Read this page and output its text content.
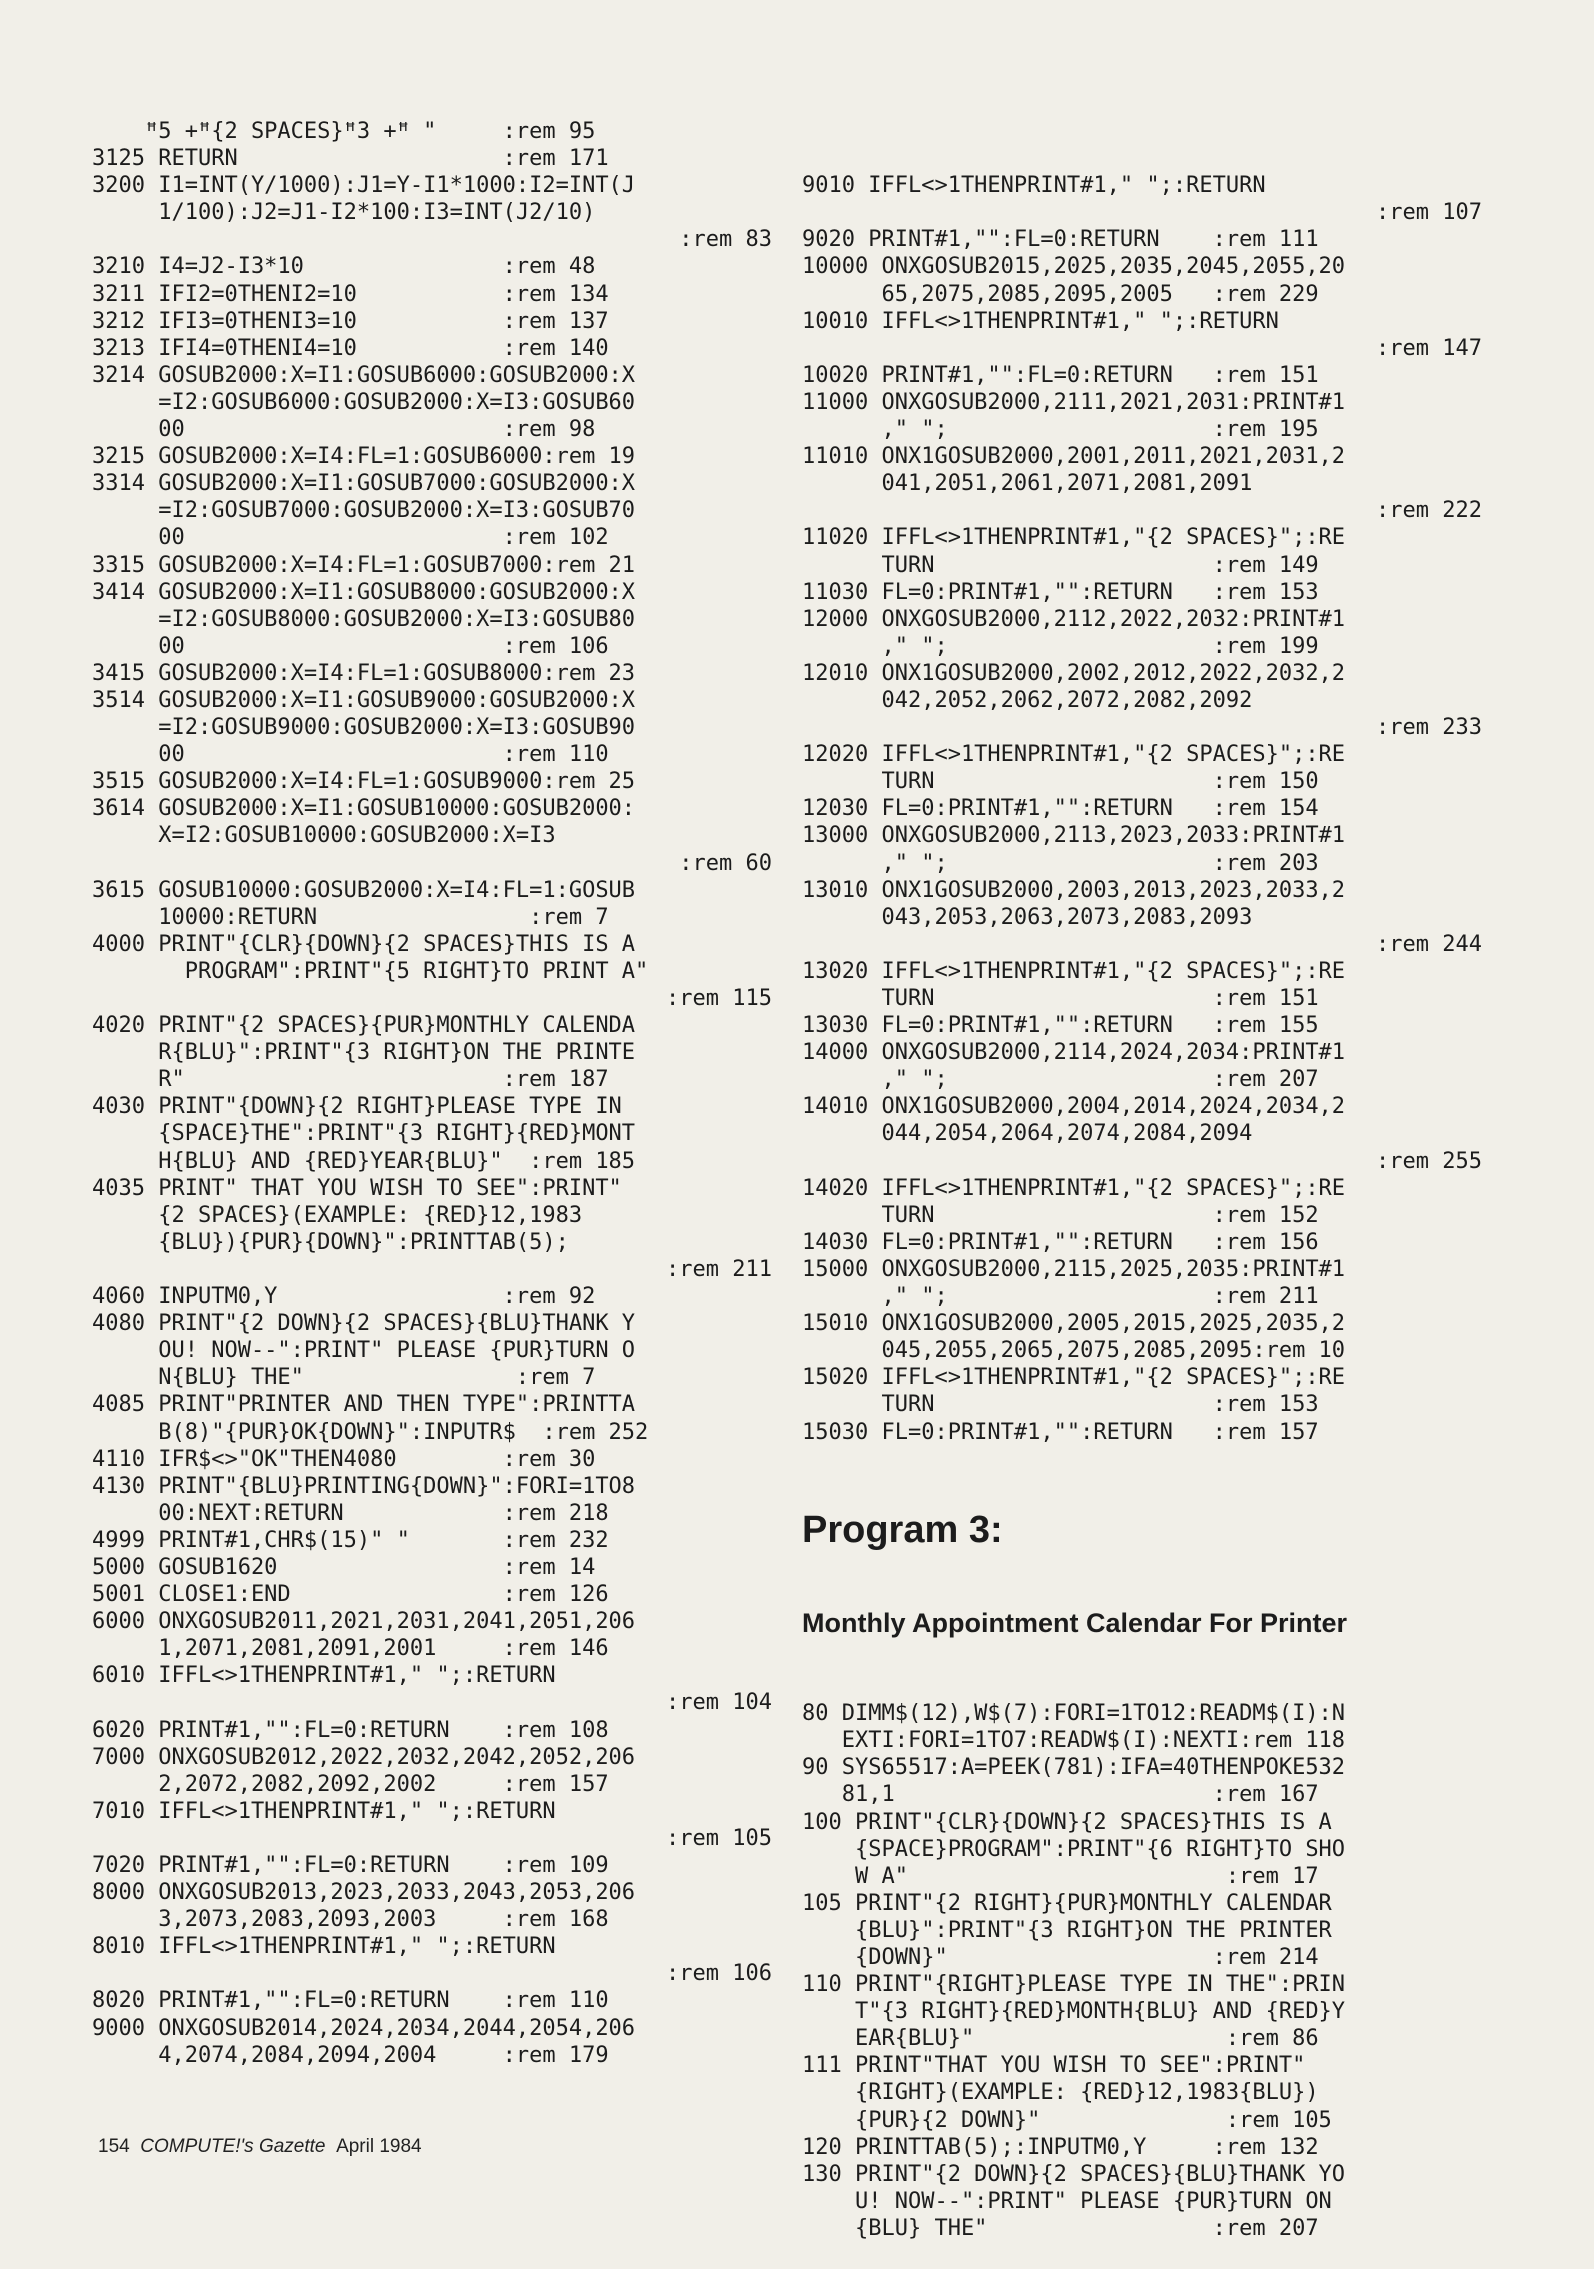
ꟸ5 +ꟸ{2 SPACES}ꟸ3 +ꟸ "     :rem 95
3125 RETURN                    :rem 171
3200 I1=INT(Y/1000):J1=Y-I1*1000:I2=INT(J
1/100):J2=J1-I2*100:I3=INT(J2/10)
:rem 83
3210 I4=J2-I3*10               :rem 48
3211 IFI2=0THENI2=10           :rem 134
3212 IFI3=0THENI3=10           :rem 137
3213 IFI4=0THENI4=10           :rem 140
3214 GOSUB2000:X=I1:GOSUB6000:GOSUB2000:X
=I2:GOSUB6000:GOSUB2000:X=I3:GOSUB60
00                        :rem 98
3215 GOSUB2000:X=I4:FL=1:GOSUB6000:rem 19
3314 GOSUB2000:X=I1:GOSUB7000:GOSUB2000:X
=I2:GOSUB7000:GOSUB2000:X=I3:GOSUB70
00                        :rem 102
3315 GOSUB2000:X=I4:FL=1:GOSUB7000:rem 21
3414 GOSUB2000:X=I1:GOSUB8000:GOSUB2000:X
=I2:GOSUB8000:GOSUB2000:X=I3:GOSUB80
00                        :rem 106
3415 GOSUB2000:X=I4:FL=1:GOSUB8000:rem 23
3514 GOSUB2000:X=I1:GOSUB9000:GOSUB2000:X
=I2:GOSUB9000:GOSUB2000:X=I3:GOSUB90
00                        :rem 110
3515 GOSUB2000:X=I4:FL=1:GOSUB9000:rem 25
3614 GOSUB2000:X=I1:GOSUB10000:GOSUB2000:
X=I2:GOSUB10000:GOSUB2000:X=I3
:rem 60
3615 GOSUB10000:GOSUB2000:X=I4:FL=1:GOSUB
10000:RETURN                :rem 7
4000 PRINT"{CLR}{DOWN}{2 SPACES}THIS IS A
PROGRAM":PRINT"{5 RIGHT}TO PRINT A"
:rem 115
4020 PRINT"{2 SPACES}{PUR}MONTHLY CALENDA
R{BLU}":PRINT"{3 RIGHT}ON THE PRINTE
R"                        :rem 187
4030 PRINT"{DOWN}{2 RIGHT}PLEASE TYPE IN
{SPACE}THE":PRINT"{3 RIGHT}{RED}MONT
H{BLU} AND {RED}YEAR{BLU}"  :rem 185
4035 PRINT" THAT YOU WISH TO SEE":PRINT"
{2 SPACES}(EXAMPLE: {RED}12,1983
{BLU}){PUR}{DOWN}":PRINTTAB(5);
:rem 211
4060 INPUTM0,Y                 :rem 92
4080 PRINT"{2 DOWN}{2 SPACES}{BLU}THANK Y
OU! NOW--":PRINT" PLEASE {PUR}TURN O
N{BLU} THE"                :rem 7
4085 PRINT"PRINTER AND THEN TYPE":PRINTTA
B(8)"{PUR}OK{DOWN}":INPUTR$  :rem 252
4110 IFR$<>"OK"THEN4080        :rem 30
4130 PRINT"{BLU}PRINTING{DOWN}":FORI=1TO8
00:NEXT:RETURN            :rem 218
4999 PRINT#1,CHR$(15)" "       :rem 232
5000 GOSUB1620                 :rem 14
5001 CLOSE1:END                :rem 126
6000 ONXGOSUB2011,2021,2031,2041,2051,206
1,2071,2081,2091,2001     :rem 146
6010 IFFL<>1THENPRINT#1," ";:RETURN
:rem 104
6020 PRINT#1,"":FL=0:RETURN    :rem 108
7000 ONXGOSUB2012,2022,2032,2042,2052,206
2,2072,2082,2092,2002     :rem 157
7010 IFFL<>1THENPRINT#1," ";:RETURN
:rem 105
7020 PRINT#1,"":FL=0:RETURN    :rem 109
8000 ONXGOSUB2013,2023,2033,2043,2053,206
3,2073,2083,2093,2003     :rem 168
8010 IFFL<>1THENPRINT#1," ";:RETURN
:rem 106
8020 PRINT#1,"":FL=0:RETURN    :rem 110
9000 ONXGOSUB2014,2024,2034,2044,2054,206
4,2074,2084,2094,2004     :rem 179

9010 IFFL<>1THENPRINT#1," ";:RETURN
:rem 107
9020 PRINT#1,"":FL=0:RETURN    :rem 111
10000 ONXGOSUB2015,2025,2035,2045,2055,20
65,2075,2085,2095,2005   :rem 229
10010 IFFL<>1THENPRINT#1," ";:RETURN
:rem 147
10020 PRINT#1,"":FL=0:RETURN   :rem 151
11000 ONXGOSUB2000,2111,2021,2031:PRINT#1
," ";                    :rem 195
11010 ONX1GOSUB2000,2001,2011,2021,2031,2
041,2051,2061,2071,2081,2091
:rem 222
11020 IFFL<>1THENPRINT#1,"{2 SPACES}";:RE
TURN                     :rem 149
11030 FL=0:PRINT#1,"":RETURN   :rem 153
12000 ONXGOSUB2000,2112,2022,2032:PRINT#1
," ";                    :rem 199
12010 ONX1GOSUB2000,2002,2012,2022,2032,2
042,2052,2062,2072,2082,2092
:rem 233
12020 IFFL<>1THENPRINT#1,"{2 SPACES}";:RE
TURN                     :rem 150
12030 FL=0:PRINT#1,"":RETURN   :rem 154
13000 ONXGOSUB2000,2113,2023,2033:PRINT#1
," ";                    :rem 203
13010 ONX1GOSUB2000,2003,2013,2023,2033,2
043,2053,2063,2073,2083,2093
:rem 244
13020 IFFL<>1THENPRINT#1,"{2 SPACES}";:RE
TURN                     :rem 151
13030 FL=0:PRINT#1,"":RETURN   :rem 155
14000 ONXGOSUB2000,2114,2024,2034:PRINT#1
," ";                    :rem 207
14010 ONX1GOSUB2000,2004,2014,2024,2034,2
044,2054,2064,2074,2084,2094
:rem 255
14020 IFFL<>1THENPRINT#1,"{2 SPACES}";:RE
TURN                     :rem 152
14030 FL=0:PRINT#1,"":RETURN   :rem 156
15000 ONXGOSUB2000,2115,2025,2035:PRINT#1
," ";                    :rem 211
15010 ONX1GOSUB2000,2005,2015,2025,2035,2
045,2055,2065,2075,2085,2095:rem 10
15020 IFFL<>1THENPRINT#1,"{2 SPACES}";:RE
TURN                     :rem 153
15030 FL=0:PRINT#1,"":RETURN   :rem 157

Program 3:

Monthly Appointment Calendar For Printer

80 DIMM$(12),W$(7):FORI=1TO12:READM$(I):N
EXTI:FORI=1TO7:READW$(I):NEXTI:rem 118
90 SYS65517:A=PEEK(781):IFA=40THENPOKE532
81,1                        :rem 167
100 PRINT"{CLR}{DOWN}{2 SPACES}THIS IS A
{SPACE}PROGRAM":PRINT"{6 RIGHT}TO SHO
W A"                        :rem 17
105 PRINT"{2 RIGHT}{PUR}MONTHLY CALENDAR
{BLU}":PRINT"{3 RIGHT}ON THE PRINTER
{DOWN}"                    :rem 214
110 PRINT"{RIGHT}PLEASE TYPE IN THE":PRIN
T"{3 RIGHT}{RED}MONTH{BLU} AND {RED}Y
EAR{BLU}"                   :rem 86
111 PRINT"THAT YOU WISH TO SEE":PRINT"
{RIGHT}(EXAMPLE: {RED}12,1983{BLU})
{PUR}{2 DOWN}"              :rem 105
120 PRINTTAB(5);:INPUTM0,Y     :rem 132
130 PRINT"{2 DOWN}{2 SPACES}{BLU}THANK YO
U! NOW--":PRINT" PLEASE {PUR}TURN ON
{BLU} THE"                 :rem 207

154 COMPUTE!'s Gazette April 1984
